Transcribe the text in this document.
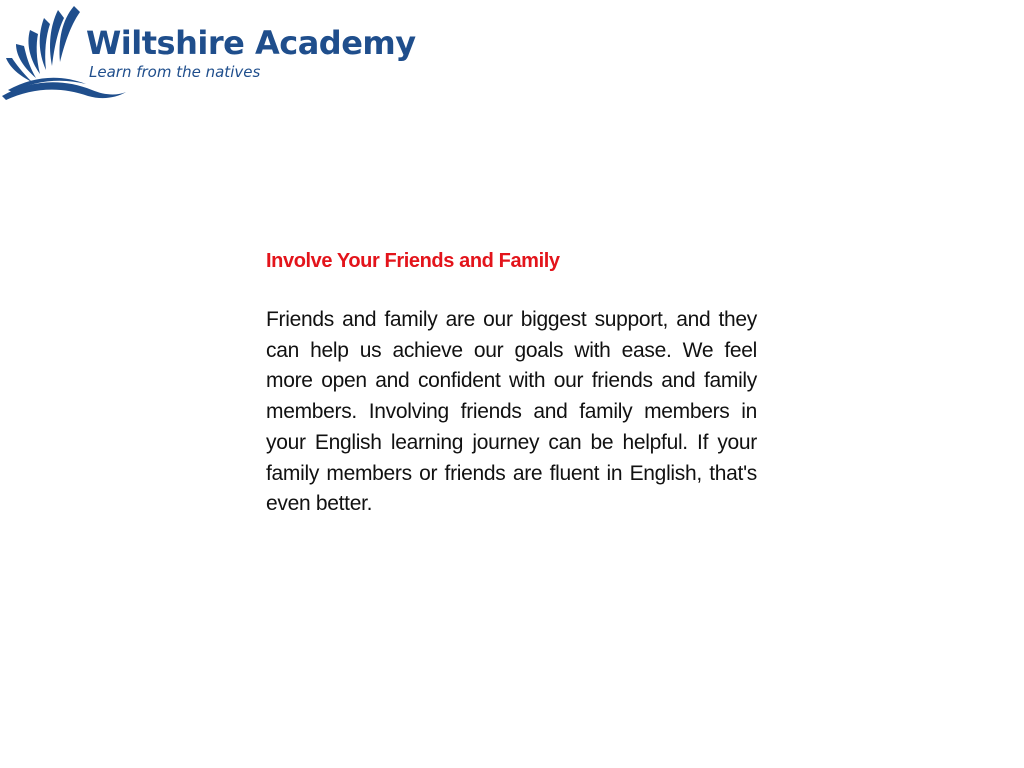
Wiltshire Academy
Learn from the natives
Involve Your Friends and Family

Friends and family are our biggest support, and they can help us achieve our goals with ease. We feel more open and confident with our friends and family members. Involving friends and family members in your English learning journey can be helpful. If your family members or friends are fluent in English, that's even better.
